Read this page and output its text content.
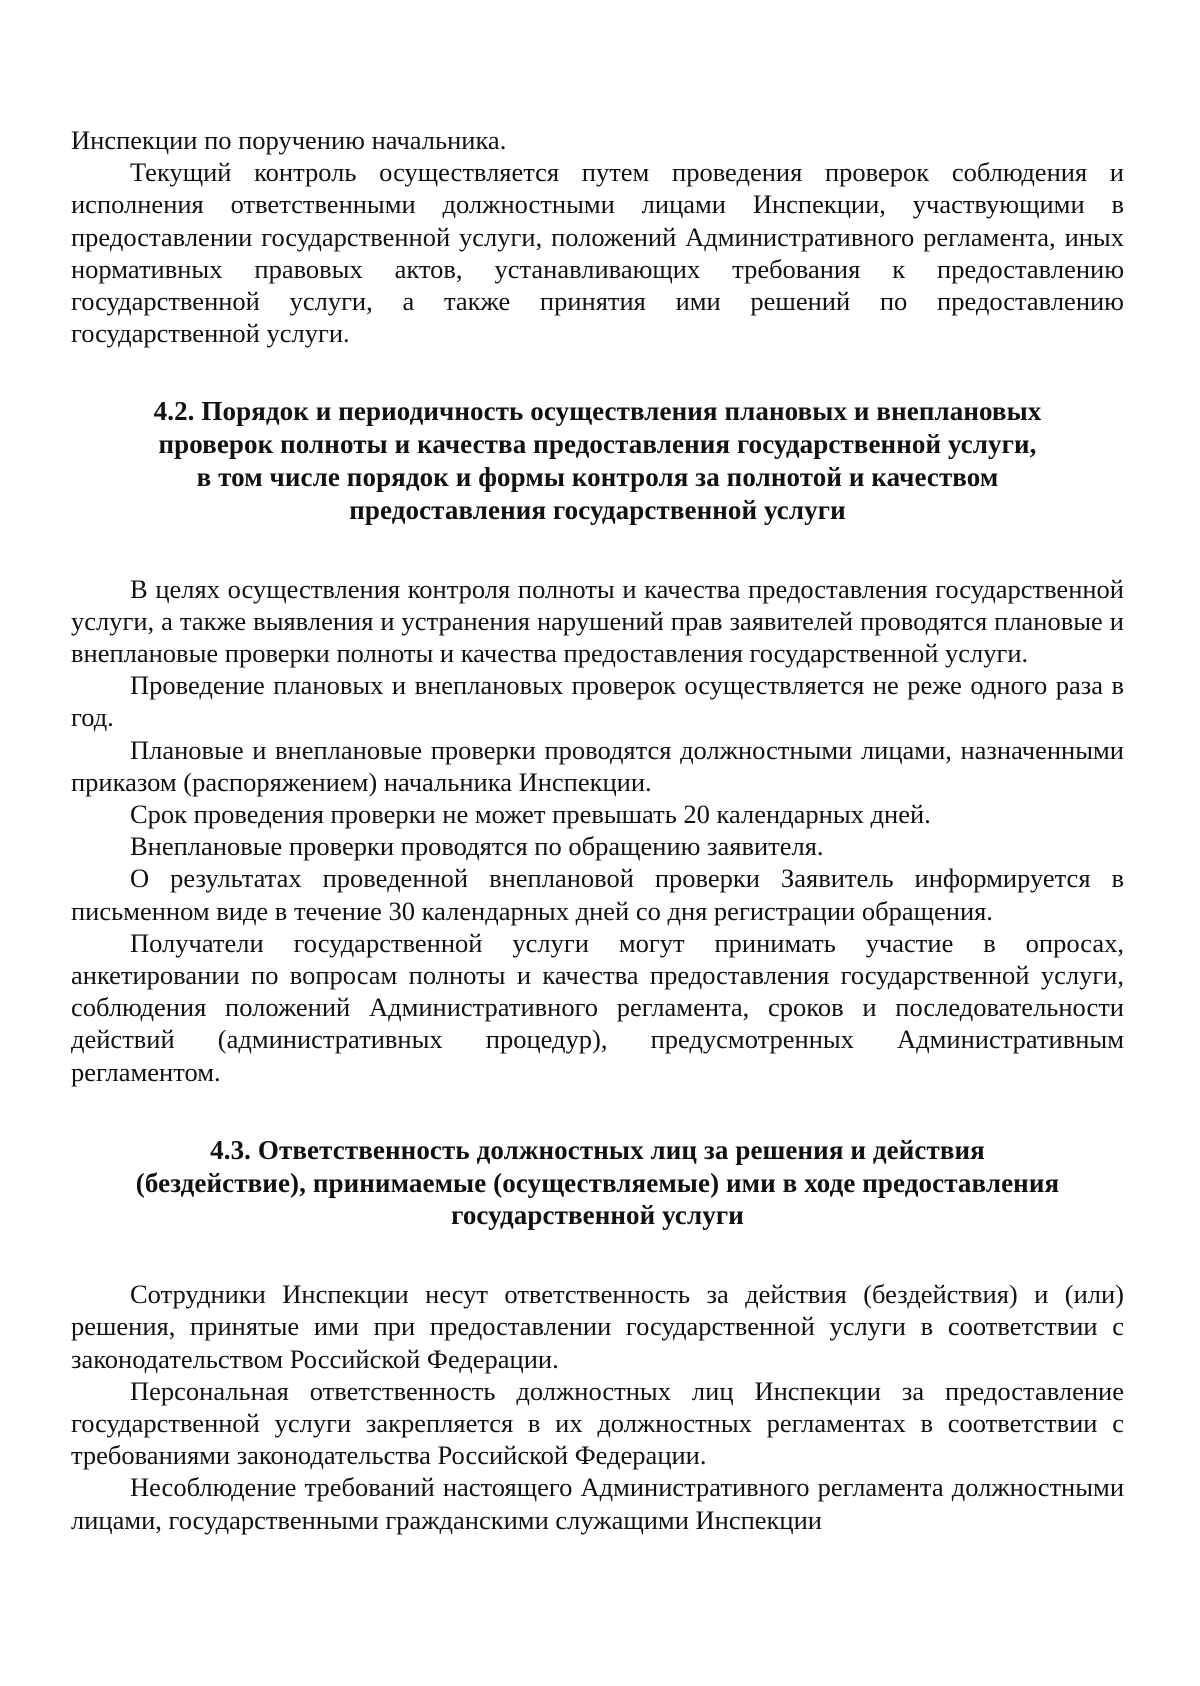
Инспекции по поручению начальника.

Текущий контроль осуществляется путем проведения проверок соблюдения и исполнения ответственными должностными лицами Инспекции, участвующими в предоставлении государственной услуги, положений Административного регламента, иных нормативных правовых актов, устанавливающих требования к предоставлению государственной услуги, а также принятия ими решений по предоставлению государственной услуги.

4.2. Порядок и периодичность осуществления плановых и внеплановых
проверок полноты и качества предоставления государственной услуги,
в том числе порядок и формы контроля за полнотой и качеством
предоставления государственной услуги

В целях осуществления контроля полноты и качества предоставления государственной услуги, а также выявления и устранения нарушений прав заявителей проводятся плановые и внеплановые проверки полноты и качества предоставления государственной услуги.

Проведение плановых и внеплановых проверок осуществляется не реже одного раза в год.

Плановые и внеплановые проверки проводятся должностными лицами, назначенными приказом (распоряжением) начальника Инспекции.

Срок проведения проверки не может превышать 20 календарных дней.

Внеплановые проверки проводятся по обращению заявителя.

О результатах проведенной внеплановой проверки Заявитель информируется в письменном виде в течение 30 календарных дней со дня регистрации обращения.

Получатели государственной услуги могут принимать участие в опросах, анкетировании по вопросам полноты и качества предоставления государственной услуги, соблюдения положений Административного регламента, сроков и последовательности действий (административных процедур), предусмотренных Административным регламентом.

4.3. Ответственность должностных лиц за решения и действия
(бездействие), принимаемые (осуществляемые) ими в ходе предоставления
государственной услуги

Сотрудники Инспекции несут ответственность за действия (бездействия) и (или) решения, принятые ими при предоставлении государственной услуги в соответствии с законодательством Российской Федерации.

Персональная ответственность должностных лиц Инспекции за предоставление государственной услуги закрепляется в их должностных регламентах в соответствии с требованиями законодательства Российской Федерации.

Несоблюдение требований настоящего Административного регламента должностными лицами, государственными гражданскими служащими Инспекции
